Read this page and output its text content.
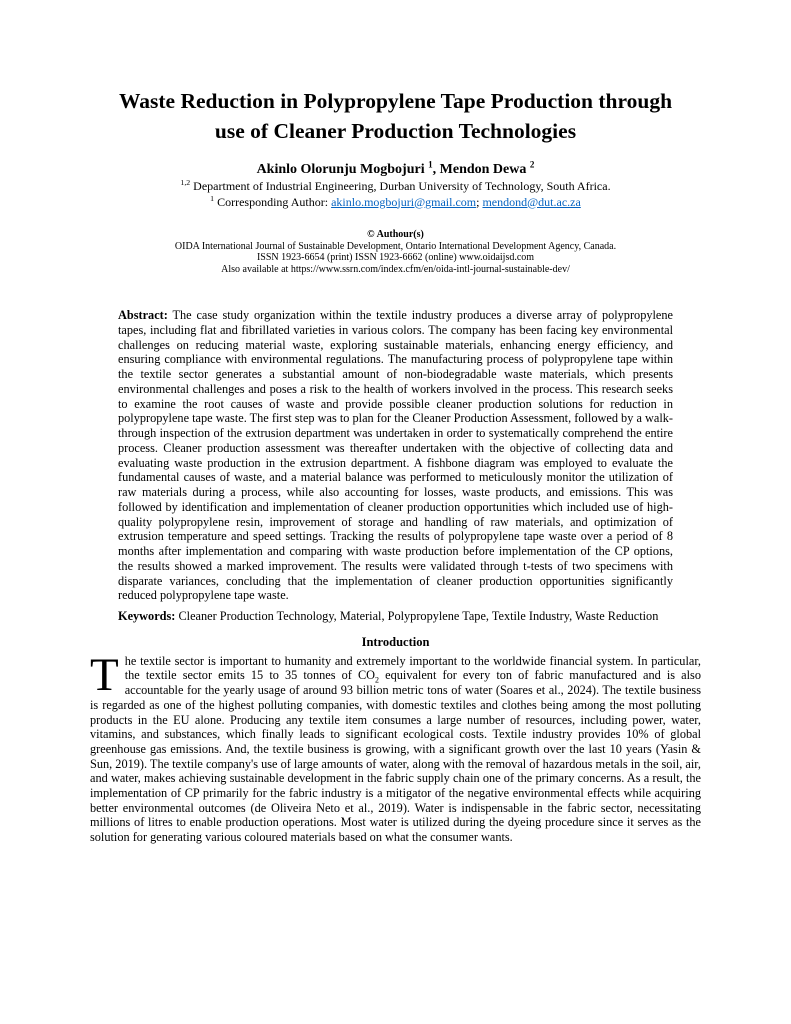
Waste Reduction in Polypropylene Tape Production through
use of Cleaner Production Technologies
Akinlo Olorunju Mogbojuri $^1$, Mendon Dewa $^2$
$^{1,2}$ Department of Industrial Engineering, Durban University of Technology, South Africa.
$^1$ Corresponding Author: akinlo.mogbojuri@gmail.com; mendond@dut.ac.za
© Authour(s)
OIDA International Journal of Sustainable Development, Ontario International Development Agency, Canada.
ISSN 1923-6654 (print) ISSN 1923-6662 (online) www.oidaijsd.com
Also available at https://www.ssrn.com/index.cfm/en/oida-intl-journal-sustainable-dev/

Abstract: The case study organization within the textile industry produces a diverse array of polypropylene tapes, including flat and fibrillated varieties in various colors. The company has been facing key environmental challenges on reducing material waste, exploring sustainable materials, enhancing energy efficiency, and ensuring compliance with environmental regulations. The manufacturing process of polypropylene tape within the textile sector generates a substantial amount of non-biodegradable waste materials, which presents environmental challenges and poses a risk to the health of workers involved in the process. This research seeks to examine the root causes of waste and provide possible cleaner production solutions for reduction in polypropylene tape waste. The first step was to plan for the Cleaner Production Assessment, followed by a walk-through inspection of the extrusion department was undertaken in order to systematically comprehend the entire process. Cleaner production assessment was thereafter undertaken with the objective of collecting data and evaluating waste production in the extrusion department. A fishbone diagram was employed to evaluate the fundamental causes of waste, and a material balance was performed to meticulously monitor the utilization of raw materials during a process, while also accounting for losses, waste products, and emissions. This was followed by identification and implementation of cleaner production opportunities which included use of high-quality polypropylene resin, improvement of storage and handling of raw materials, and optimization of extrusion temperature and speed settings. Tracking the results of polypropylene tape waste over a period of 8 months after implementation and comparing with waste production before implementation of the CP options, the results showed a marked improvement. The results were validated through t-tests of two specimens with disparate variances, concluding that the implementation of cleaner production opportunities significantly reduced polypropylene tape waste.

Keywords: Cleaner Production Technology, Material, Polypropylene Tape, Textile Industry, Waste Reduction

Introduction

The textile sector is important to humanity and extremely important to the worldwide financial system. In particular, the textile sector emits 15 to 35 tonnes of $CO_2$ equivalent for every ton of fabric manufactured and is also accountable for the yearly usage of around 93 billion metric tons of water (Soares et al., 2024). The textile business is regarded as one of the highest polluting companies, with domestic textiles and clothes being among the most polluting products in the EU alone. Producing any textile item consumes a large number of resources, including power, water, vitamins, and substances, which finally leads to significant ecological costs. Textile industry provides 10% of global greenhouse gas emissions. And, the textile business is growing, with a significant growth over the last 10 years (Yasin & Sun, 2019). The textile company's use of large amounts of water, along with the removal of hazardous metals in the soil, air, and water, makes achieving sustainable development in the fabric supply chain one of the primary concerns. As a result, the implementation of CP primarily for the fabric industry is a mitigator of the negative environmental effects while acquiring better environmental outcomes (de Oliveira Neto et al., 2019). Water is indispensable in the fabric sector, necessitating millions of litres to enable production operations. Most water is utilized during the dyeing procedure since it serves as the solution for generating various coloured materials based on what the consumer wants.
